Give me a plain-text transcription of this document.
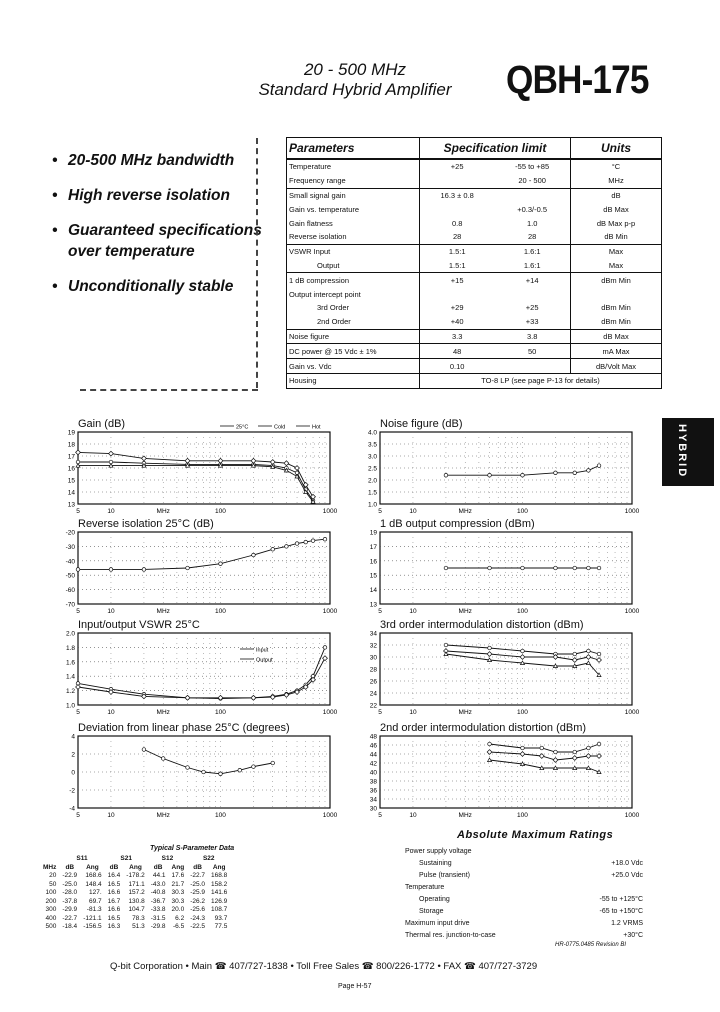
20 - 500 MHz
Standard Hybrid Amplifier	QBH-175
• 20-500 MHz bandwidth
• High reverse isolation
• Guaranteed specifications over temperature
• Unconditionally stable
Parameters	Specification limit		Units
Temperature	+25	-55 to +85	°C
Frequency range		20 - 500	MHz
Small signal gain	16.3 ± 0.8		dB
Gain vs. temperature		+0.3/-0.5	dB Max
Gain flatness	0.8	1.0	dB Max p-p
Reverse isolation	28	28	dB Min
VSWR Input	1.5:1	1.6:1	Max
Output	1.5:1	1.6:1	Max
1 dB compression	+15	+14	dBm Min
Output intercept point			
3rd Order	+29	+25	dBm Min
2nd Order	+40	+33	dBm Min
Noise figure	3.3	3.8	dB Max
DC power @ 15 Vdc ± 1%	48	50	mA Max
Gain vs. Vdc	0.10		dB/Volt Max
Housing	TO-8 LP (see page P-13 for details)		
HYBRID
Gain (dB)
19
18
17
16
15
14
13
5	10	MHz	100	1000
25°C	Cold	Hot	Noise figure (dB)
4.0
3.5
3.0
2.5
2.0
1.5
1.0
5	10	MHz	100	1000
Reverse isolation 25°C (dB)
-20
-30
-40
-50
-60
-70
5	10	MHz	100	1000
1 dB output compression (dBm)
19
17
16
15
14
13
5	10	MHz	100	1000
Input/output VSWR 25°C
2.0
1.8
1.6
1.4
1.2
1.0
5	10	MHz	100	1000
Input
Output
3rd order intermodulation distortion (dBm)
34
32
30
28
26
24
22
5	10	MHz	100	1000
Deviation from linear phase 25°C (degrees)
4
2
0
-2
-4
5	10	MHz	100	1000
2nd order intermodulation distortion (dBm)
48
46
44
42
40
38
36
34
30
5	10	MHz	100	1000
Typical S-Parameter Data
	S11		S21		S12		S22	
MHz	dB	Ang	dB	Ang	dB	Ang	dB	Ang
20	-22.9	168.6	16.4	-178.2	44.1	17.6	-22.7	168.8
50	-25.0	148.4	16.5	171.1	-43.0	21.7	-25.0	158.2
100	-28.0	127.	16.6	157.2	-40.8	30.3	-25.9	141.6
200	-37.8	69.7	16.7	130.8	-36.7	30.3	-26.2	126.9
300	-29.9	-81.3	16.6	104.7	-33.8	20.0	-25.6	108.7
400	-22.7	-121.1	16.5	78.3	-31.5	6.2	-24.3	93.7
500	-18.4	-156.5	16.3	51.3	-29.8	-6.5	-22.5	77.5
Absolute Maximum Ratings
Power supply voltage	
Sustaining	+18.0 Vdc
Pulse (transient)	+25.0 Vdc
Temperature	
Operating	-55 to +125°C
Storage	-65 to +150°C
Maximum input drive	1.2 VRMS
Thermal res. junction-to-case	+30°C
HR-0775.0485 Revision BI
Q-bit Corporation • Main ☎ 407/727-1838 • Toll Free Sales ☎ 800/226-1772 • FAX ☎ 407/727-3729
Page H-57
